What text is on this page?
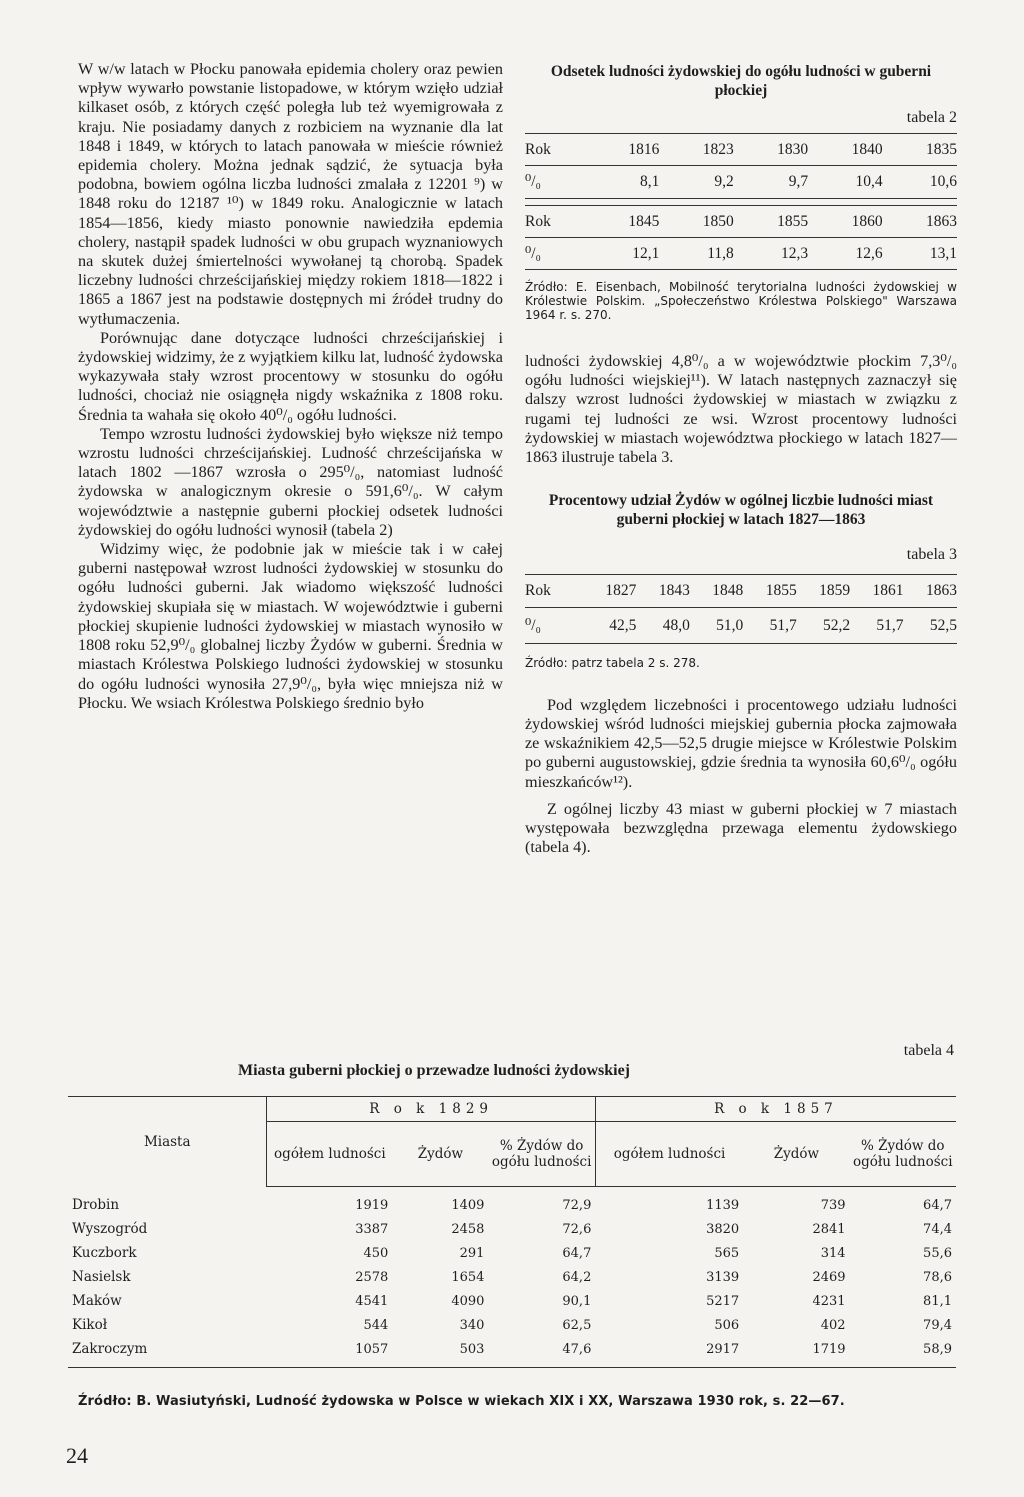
W w/w latach w Płocku panowała epidemia cholery oraz pewien wpływ wywarło powstanie listopadowe, w którym wzięło udział kilkaset osób, z których część poległa lub też wyemigrowała z kraju. Nie posiadamy danych z rozbiciem na wyznanie dla lat 1848 i 1849, w których to latach panowała w mieście również epidemia cholery. Można jednak sądzić, że sytuacja była podobna, bowiem ogólna liczba ludności zmalała z 12201 ⁹) w 1848 roku do 12187 ¹⁰) w 1849 roku. Analogicznie w latach 1854—1856, kiedy miasto ponownie nawiedziła epdemia cholery, nastąpił spadek ludności w obu grupach wyznaniowych na skutek dużej śmiertelności wywołanej tą chorobą. Spadek liczebny ludności chrześcijańskiej między rokiem 1818—1822 i 1865 a 1867 jest na podstawie dostępnych mi źródeł trudny do wytłumaczenia.

Porównując dane dotyczące ludności chrześcijańskiej i żydowskiej widzimy, że z wyjątkiem kilku lat, ludność żydowska wykazywała stały wzrost procentowy w stosunku do ogółu ludności, chociaż nie osiągnęła nigdy wskaźnika z 1808 roku. Średnia ta wahała się około 40⁰/₀ ogółu ludności.

Tempo wzrostu ludności żydowskiej było większe niż tempo wzrostu ludności chrześcijańskiej. Ludność chrześcijańska w latach 1802 —1867 wzrosła o 295⁰/₀, natomiast ludność żydowska w analogicznym okresie o 591,6⁰/₀. W całym województwie a następnie guberni płockiej odsetek ludności żydowskiej do ogółu ludności wynosił (tabela 2)

Widzimy więc, że podobnie jak w mieście tak i w całej guberni następował wzrost ludności żydowskiej w stosunku do ogółu ludności guberni. Jak wiadomo większość ludności żydowskiej skupiała się w miastach. W województwie i guberni płockiej skupienie ludności żydowskiej w miastach wynosiło w 1808 roku 52,9⁰/₀ globalnej liczby Żydów w guberni. Średnia w miastach Królestwa Polskiego ludności żydowskiej w stosunku do ogółu ludności wynosiła 27,9⁰/₀, była więc mniejsza niż w Płocku. We wsiach Królestwa Polskiego średnio było

Odsetek ludności żydowskiej do ogółu ludności w guberni płockiej
tabela 2
Rok	1816	1823	1830	1840	1835
⁰/₀	8,1	9,2	9,7	10,4	10,6

Rok	1845	1850	1855	1860	1863
⁰/₀	12,1	11,8	12,3	12,6	13,1
Źródło: E. Eisenbach, Mobilność terytorialna ludności żydowskiej w Królestwie Polskim. „Społeczeństwo Królestwa Polskiego" Warszawa 1964 r. s. 270.

ludności żydowskiej 4,8⁰/₀ a w województwie płockim 7,3⁰/₀ ogółu ludności wiejskiej¹¹). W latach następnych zaznaczył się dalszy wzrost ludności żydowskiej w miastach w związku z rugami tej ludności ze wsi. Wzrost procentowy ludności żydowskiej w miastach województwa płockiego w latach 1827—1863 ilustruje tabela 3.

Procentowy udział Żydów w ogólnej liczbie ludności miast guberni płockiej w latach 1827—1863
tabela 3
Rok	1827	1843	1848	1855	1859	1861	1863
⁰/₀	42,5	48,0	51,0	51,7	52,2	51,7	52,5
Źródło: patrz tabela 2 s. 278.

Pod względem liczebności i procentowego udziału ludności żydowskiej wśród ludności miejskiej gubernia płocka zajmowała ze wskaźnikiem 42,5—52,5 drugie miejsce w Królestwie Polskim po guberni augustowskiej, gdzie średnia ta wynosiła 60,6⁰/₀ ogółu mieszkańców¹²).

Z ogólnej liczby 43 miast w guberni płockiej w 7 miastach występowała bezwzględna przewaga elementu żydowskiego (tabela 4).

tabela 4
Miasta guberni płockiej o przewadze ludności żydowskiej
Miasta	R o k 1829			R o k 1857		
	ogółem ludności	Żydów	% Żydów do ogółu ludności	ogółem ludności	Żydów	% Żydów do ogółu ludności
Drobin	1919	1409	72,9	1139	739	64,7
Wyszogród	3387	2458	72,6	3820	2841	74,4
Kuczbork	450	291	64,7	565	314	55,6
Nasielsk	2578	1654	64,2	3139	2469	78,6
Maków	4541	4090	90,1	5217	4231	81,1
Kikoł	544	340	62,5	506	402	79,4
Zakroczym	1057	503	47,6	2917	1719	58,9
Źródło: B. Wasiutyński, Ludność żydowska w Polsce w wiekach XIX i XX, Warszawa 1930 rok, s. 22—67.
24
